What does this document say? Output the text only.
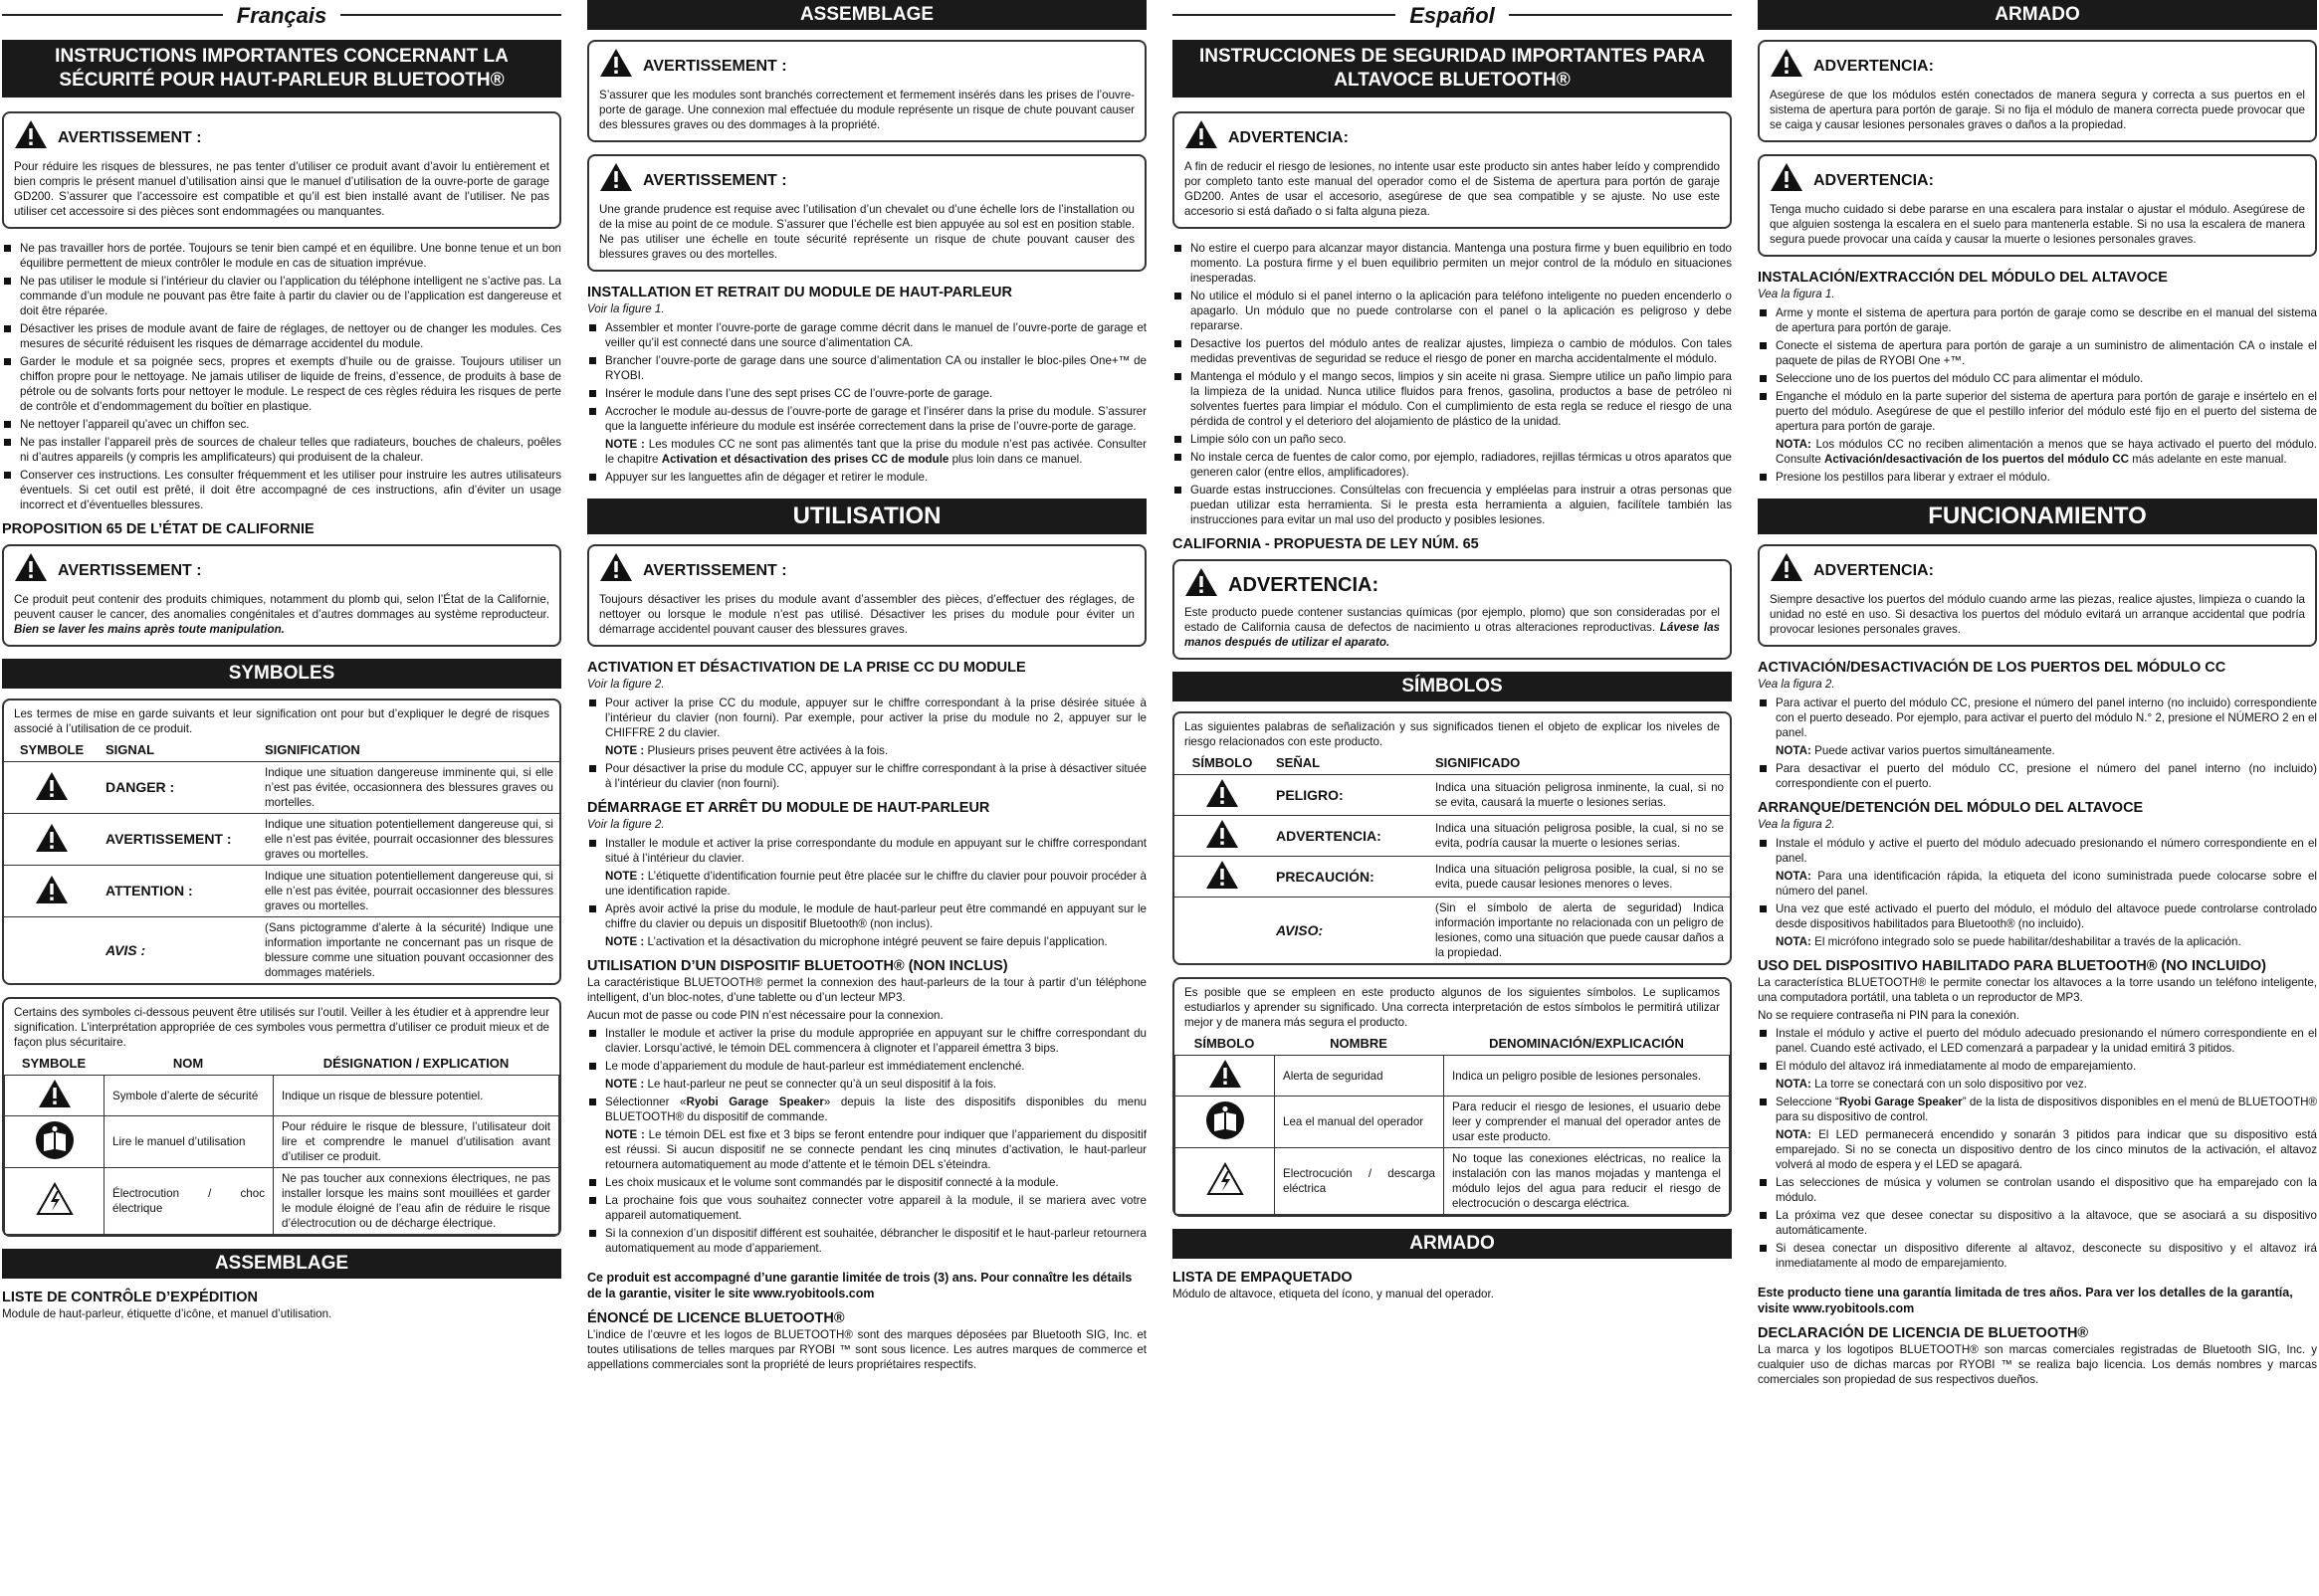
Français
INSTRUCTIONS IMPORTANTES CONCERNANT LA SÉCURITÉ POUR HAUT-PARLEUR BLUETOOTH®
AVERTISSEMENT :
Pour réduire les risques de blessures, ne pas tenter d’utiliser ce produit avant d’avoir lu entièrement et bien compris le présent manuel d’utilisation ainsi que le manuel d’utilisation de la ouvre-porte de garage GD200. S’assurer que l’accessoire est compatible et qu’il est bien installé avant de l’utiliser. Ne pas utiliser cet accessoire si des pièces sont endommagées ou manquantes.
Ne pas travailler hors de portée. Toujours se tenir bien campé et en équilibre. Une bonne tenue et un bon équilibre permettent de mieux contrôler le module en cas de situation imprévue.
Ne pas utiliser le module si l’intérieur du clavier ou l’application du téléphone intelligent ne s’active pas. La commande d’un module ne pouvant pas être faite à partir du clavier ou de l’application est dangereuse et doit être réparée.
Désactiver les prises de module avant de faire de réglages, de nettoyer ou de changer les modules. Ces mesures de sécurité réduisent les risques de démarrage accidentel du module.
Garder le module et sa poignée secs, propres et exempts d’huile ou de graisse. Toujours utiliser un chiffon propre pour le nettoyage. Ne jamais utiliser de liquide de freins, d’essence, de produits à base de pétrole ou de solvants forts pour nettoyer le module. Le respect de ces règles réduira les risques de perte de contrôle et d’endommagement du boîtier en plastique.
Ne nettoyer l’appareil qu’avec un chiffon sec.
Ne pas installer l’appareil près de sources de chaleur telles que radiateurs, bouches de chaleurs, poêles ni d’autres appareils (y compris les amplificateurs) qui produisent de la chaleur.
Conserver ces instructions. Les consulter fréquemment et les utiliser pour instruire les autres utilisateurs éventuels. Si cet outil est prêté, il doit être accompagné de ces instructions, afin d’éviter un usage incorrect et d’éventuelles blessures.
PROPOSITION 65 DE L’ÉTAT DE CALIFORNIE
AVERTISSEMENT :
Ce produit peut contenir des produits chimiques, notamment du plomb qui, selon l’État de la Californie, peuvent causer le cancer, des anomalies congénitales et d’autres dommages au système reproducteur. Bien se laver les mains après toute manipulation.
SYMBOLES
Les termes de mise en garde suivants et leur signification ont pour but d’expliquer le degré de risques associé à l’utilisation de ce produit.
SYMBOLE	SIGNAL	SIGNIFICATION
	DANGER :	Indique une situation dangereuse imminente qui, si elle n’est pas évitée, occasionnera des blessures graves ou mortelles.
	AVERTISSEMENT :	Indique une situation potentiellement dangereuse qui, si elle n’est pas évitée, pourrait occasionner des blessures graves ou mortelles.
	ATTENTION :	Indique une situation potentiellement dangereuse qui, si elle n’est pas évitée, pourrait occasionner des blessures graves ou mortelles.
	AVIS :	(Sans pictogramme d’alerte à la sécurité) Indique une information importante ne concernant pas un risque de blessure comme une situation pouvant occasionner des dommages matériels.
Certains des symboles ci-dessous peuvent être utilisés sur l’outil. Veiller à les étudier et à apprendre leur signification. L’interprétation appropriée de ces symboles vous permettra d’utiliser ce produit mieux et de façon plus sécuritaire.
SYMBOLE	NOM	DÉSIGNATION / EXPLICATION
	Symbole d’alerte de sécurité	Indique un risque de blessure potentiel.
	Lire le manuel d’utilisation	Pour réduire le risque de blessure, l’utilisateur doit lire et comprendre le manuel d’utilisation avant d’utiliser ce produit.
	Électrocution / choc électrique	Ne pas toucher aux connexions électriques, ne pas installer lorsque les mains sont mouillées et garder le module éloigné de l’eau afin de réduire le risque d’électrocution ou de décharge électrique.
ASSEMBLAGE
LISTE DE CONTRÔLE D’EXPÉDITION
Module de haut-parleur, étiquette d’icône, et manuel d’utilisation.
ASSEMBLAGE
AVERTISSEMENT :
S’assurer que les modules sont branchés correctement et fermement insérés dans les prises de l’ouvre-porte de garage. Une connexion mal effectuée du module représente un risque de chute pouvant causer des blessures graves ou des dommages à la propriété.
AVERTISSEMENT :
Une grande prudence est requise avec l’utilisation d’un chevalet ou d’une échelle lors de l’installation ou de la mise au point de ce module. S’assurer que l’échelle est bien appuyée au sol est en position stable. Ne pas utiliser une échelle en toute sécurité représente un risque de chute pouvant causer des blessures graves ou des mortelles.
INSTALLATION ET RETRAIT DU MODULE DE HAUT-PARLEUR
Voir la figure 1.
Assembler et monter l’ouvre-porte de garage comme décrit dans le manuel de l’ouvre-porte de garage et veiller qu’il est connecté dans une source d’alimentation CA.
Brancher l’ouvre-porte de garage dans une source d’alimentation CA ou installer le bloc-piles One+™ de RYOBI.
Insérer le module dans l’une des sept prises CC de l’ouvre-porte de garage.
Accrocher le module au-dessus de l’ouvre-porte de garage et l’insérer dans la prise du module. S’assurer que la languette inférieure du module est insérée correctement dans la prise de l’ouvre-porte de garage.
NOTE : Les modules CC ne sont pas alimentés tant que la prise du module n’est pas activée. Consulter le chapitre Activation et désactivation des prises CC de module plus loin dans ce manuel.
Appuyer sur les languettes afin de dégager et retirer le module.
UTILISATION
AVERTISSEMENT :
Toujours désactiver les prises du module avant d’assembler des pièces, d’effectuer des réglages, de nettoyer ou lorsque le module n’est pas utilisé. Désactiver les prises du module pour éviter un démarrage accidentel pouvant causer des blessures graves.
ACTIVATION ET DÉSACTIVATION DE LA PRISE CC DU MODULE
Voir la figure 2.
Pour activer la prise CC du module, appuyer sur le chiffre correspondant à la prise désirée située à l’intérieur du clavier (non fourni). Par exemple, pour activer la prise du module no 2, appuyer sur le CHIFFRE 2 du clavier.
NOTE : Plusieurs prises peuvent être activées à la fois.
Pour désactiver la prise du module CC, appuyer sur le chiffre correspondant à la prise à désactiver située à l’intérieur du clavier (non fourni).
DÉMARRAGE ET ARRÊT DU MODULE DE HAUT-PARLEUR
Voir la figure 2.
Installer le module et activer la prise correspondante du module en appuyant sur le chiffre correspondant situé à l’intérieur du clavier.
NOTE : L’étiquette d’identification fournie peut être placée sur le chiffre du clavier pour pouvoir procéder à une identification rapide.
Après avoir activé la prise du module, le module de haut-parleur peut être commandé en appuyant sur le chiffre du clavier ou depuis un dispositif Bluetooth® (non inclus).
NOTE : L’activation et la désactivation du microphone intégré peuvent se faire depuis l’application.
UTILISATION D’UN DISPOSITIF BLUETOOTH® (NON INCLUS)
La caractéristique BLUETOOTH® permet la connexion des haut-parleurs de la tour à partir d’un téléphone intelligent, d’un bloc-notes, d’une tablette ou d’un lecteur MP3.
Aucun mot de passe ou code PIN n’est nécessaire pour la connexion.
Installer le module et activer la prise du module appropriée en appuyant sur le chiffre correspondant du clavier. Lorsqu’activé, le témoin DEL commencera à clignoter et l’appareil émettra 3 bips.
Le mode d’appariement du module de haut-parleur est immédiatement enclenché.
NOTE : Le haut-parleur ne peut se connecter qu’à un seul dispositif à la fois.
Sélectionner «Ryobi Garage Speaker» depuis la liste des dispositifs disponibles du menu BLUETOOTH® du dispositif de commande.
NOTE : Le témoin DEL est fixe et 3 bips se feront entendre pour indiquer que l’appariement du dispositif est réussi. Si aucun dispositif ne se connecte pendant les cinq minutes d’activation, le haut-parleur retournera automatiquement au mode d’attente et le témoin DEL s’éteindra.
Les choix musicaux et le volume sont commandés par le dispositif connecté à la module.
La prochaine fois que vous souhaitez connecter votre appareil à la module, il se mariera avec votre appareil automatiquement.
Si la connexion d’un dispositif différent est souhaitée, débrancher le dispositif et le haut-parleur retournera automatiquement au mode d’appariement.
Ce produit est accompagné d’une garantie limitée de trois (3) ans. Pour connaître les détails de la garantie, visiter le site www.ryobitools.com
ÉNONCÉ DE LICENCE BLUETOOTH®
L’indice de l’œuvre et les logos de BLUETOOTH® sont des marques déposées par Bluetooth SIG, Inc. et toutes utilisations de telles marques par RYOBI ™ sont sous licence. Les autres marques de commerce et appellations commerciales sont la propriété de leurs propriétaires respectifs.
Español
INSTRUCCIONES DE SEGURIDAD IMPORTANTES PARA ALTAVOCE BLUETOOTH®
ADVERTENCIA:
A fin de reducir el riesgo de lesiones, no intente usar este producto sin antes haber leído y comprendido por completo tanto este manual del operador como el de Sistema de apertura para portón de garaje GD200. Antes de usar el accesorio, asegúrese de que sea compatible y se ajuste. No use este accesorio si está dañado o si falta alguna pieza.
No estire el cuerpo para alcanzar mayor distancia. Mantenga una postura firme y buen equilibrio en todo momento. La postura firme y el buen equilibrio permiten un mejor control de la módulo en situaciones inesperadas.
No utilice el módulo si el panel interno o la aplicación para teléfono inteligente no pueden encenderlo o apagarlo. Un módulo que no puede controlarse con el panel o la aplicación es peligroso y debe repararse.
Desactive los puertos del módulo antes de realizar ajustes, limpieza o cambio de módulos. Con tales medidas preventivas de seguridad se reduce el riesgo de poner en marcha accidentalmente el módulo.
Mantenga el módulo y el mango secos, limpios y sin aceite ni grasa. Siempre utilice un paño limpio para la limpieza de la unidad. Nunca utilice fluidos para frenos, gasolina, productos a base de petróleo ni solventes fuertes para limpiar el módulo. Con el cumplimiento de esta regla se reduce el riesgo de una pérdida de control y el deterioro del alojamiento de plástico de la unidad.
Limpie sólo con un paño seco.
No instale cerca de fuentes de calor como, por ejemplo, radiadores, rejillas térmicas u otros aparatos que generen calor (entre ellos, amplificadores).
Guarde estas instrucciones. Consúltelas con frecuencia y empléelas para instruir a otras personas que puedan utilizar esta herramienta. Si le presta esta herramienta a alguien, facilítele también las instrucciones para evitar un mal uso del producto y posibles lesiones.
CALIFORNIA - PROPUESTA DE LEY NÚM. 65
ADVERTENCIA:
Este producto puede contener sustancias químicas (por ejemplo, plomo) que son consideradas por el estado de California causa de defectos de nacimiento u otras alteraciones reproductivas. Lávese las manos después de utilizar el aparato.
SÍMBOLOS
Las siguientes palabras de señalización y sus significados tienen el objeto de explicar los niveles de riesgo relacionados con este producto.
SÍMBOLO	SEÑAL	SIGNIFICADO
	PELIGRO:	Indica una situación peligrosa inminente, la cual, si no se evita, causará la muerte o lesiones serias.
	ADVERTENCIA:	Indica una situación peligrosa posible, la cual, si no se evita, podría causar la muerte o lesiones serias.
	PRECAUCIÓN:	Indica una situación peligrosa posible, la cual, si no se evita, puede causar lesiones menores o leves.
	AVISO:	(Sin el símbolo de alerta de seguridad) Indica información importante no relacionada con un peligro de lesiones, como una situación que puede causar daños a la propiedad.
Es posible que se empleen en este producto algunos de los siguientes símbolos. Le suplicamos estudiarlos y aprender su significado. Una correcta interpretación de estos símbolos le permitirá utilizar mejor y de manera más segura el producto.
SÍMBOLO	NOMBRE	DENOMINACIÓN/EXPLICACIÓN
	Alerta de seguridad	Indica un peligro posible de lesiones personales.
	Lea el manual del operador	Para reducir el riesgo de lesiones, el usuario debe leer y comprender el manual del operador antes de usar este producto.
	Electrocución / descarga eléctrica	No toque las conexiones eléctricas, no realice la instalación con las manos mojadas y mantenga el módulo lejos del agua para reducir el riesgo de electrocución o descarga eléctrica.
ARMADO
LISTA DE EMPAQUETADO
Módulo de altavoce, etiqueta del ícono, y manual del operador.
ARMADO
ADVERTENCIA:
Asegúrese de que los módulos estén conectados de manera segura y correcta a sus puertos en el sistema de apertura para portón de garaje. Si no fija el módulo de manera correcta puede provocar que se caiga y causar lesiones personales graves o daños a la propiedad.
ADVERTENCIA:
Tenga mucho cuidado si debe pararse en una escalera para instalar o ajustar el módulo. Asegúrese de que alguien sostenga la escalera en el suelo para mantenerla estable. Si no usa la escalera de manera segura puede provocar una caída y causar la muerte o lesiones personales graves.
INSTALACIÓN/EXTRACCIÓN DEL MÓDULO DEL ALTAVOCE
Vea la figura 1.
Arme y monte el sistema de apertura para portón de garaje como se describe en el manual del sistema de apertura para portón de garaje.
Conecte el sistema de apertura para portón de garaje a un suministro de alimentación CA o instale el paquete de pilas de RYOBI One +™.
Seleccione uno de los puertos del módulo CC para alimentar el módulo.
Enganche el módulo en la parte superior del sistema de apertura para portón de garaje e insértelo en el puerto del módulo. Asegúrese de que el pestillo inferior del módulo esté fijo en el puerto del sistema de apertura para portón de garaje.
NOTA: Los módulos CC no reciben alimentación a menos que se haya activado el puerto del módulo. Consulte Activación/desactivación de los puertos del módulo CC más adelante en este manual.
Presione los pestillos para liberar y extraer el módulo.
FUNCIONAMIENTO
ADVERTENCIA:
Siempre desactive los puertos del módulo cuando arme las piezas, realice ajustes, limpieza o cuando la unidad no esté en uso. Si desactiva los puertos del módulo evitará un arranque accidental que podría provocar lesiones personales graves.
ACTIVACIÓN/DESACTIVACIÓN DE LOS PUERTOS DEL MÓDULO CC
Vea la figura 2.
Para activar el puerto del módulo CC, presione el número del panel interno (no incluido) correspondiente con el puerto deseado. Por ejemplo, para activar el puerto del módulo N.° 2, presione el NÚMERO 2 en el panel.
NOTA: Puede activar varios puertos simultáneamente.
Para desactivar el puerto del módulo CC, presione el número del panel interno (no incluido) correspondiente con el puerto.
ARRANQUE/DETENCIÓN DEL MÓDULO DEL ALTAVOCE
Vea la figura 2.
Instale el módulo y active el puerto del módulo adecuado presionando el número correspondiente en el panel.
NOTA: Para una identificación rápida, la etiqueta del icono suministrada puede colocarse sobre el número del panel.
Una vez que esté activado el puerto del módulo, el módulo del altavoce puede controlarse controlado desde dispositivos habilitados para Bluetooth® (no incluido).
NOTA: El micrófono integrado solo se puede habilitar/deshabilitar a través de la aplicación.
USO DEL DISPOSITIVO HABILITADO PARA BLUETOOTH® (NO INCLUIDO)
La característica BLUETOOTH® le permite conectar los altavoces a la torre usando un teléfono inteligente, una computadora portátil, una tableta o un reproductor de MP3.
No se requiere contraseña ni PIN para la conexión.
Instale el módulo y active el puerto del módulo adecuado presionando el número correspondiente en el panel. Cuando esté activado, el LED comenzará a parpadear y la unidad emitirá 3 pitidos.
El módulo del altavoz irá inmediatamente al modo de emparejamiento.
NOTA: La torre se conectará con un solo dispositivo por vez.
Seleccione “Ryobi Garage Speaker” de la lista de dispositivos disponibles en el menú de BLUETOOTH® para su dispositivo de control.
NOTA: El LED permanecerá encendido y sonarán 3 pitidos para indicar que su dispositivo está emparejado. Si no se conecta un dispositivo dentro de los cinco minutos de la activación, el altavoz volverá al modo de espera y el LED se apagará.
Las selecciones de música y volumen se controlan usando el dispositivo que ha emparejado con la módulo.
La próxima vez que desee conectar su dispositivo a la altavoce, que se asociará a su dispositivo automáticamente.
Si desea conectar un dispositivo diferente al altavoz, desconecte su dispositivo y el altavoz irá inmediatamente al modo de emparejamiento.
Este producto tiene una garantía limitada de tres años. Para ver los detalles de la garantía, visite www.ryobitools.com
DECLARACIÓN DE LICENCIA DE BLUETOOTH®
La marca y los logotipos BLUETOOTH® son marcas comerciales registradas de Bluetooth SIG, Inc. y cualquier uso de dichas marcas por RYOBI ™ se realiza bajo licencia. Los demás nombres y marcas comerciales son propiedad de sus respectivos dueños.
